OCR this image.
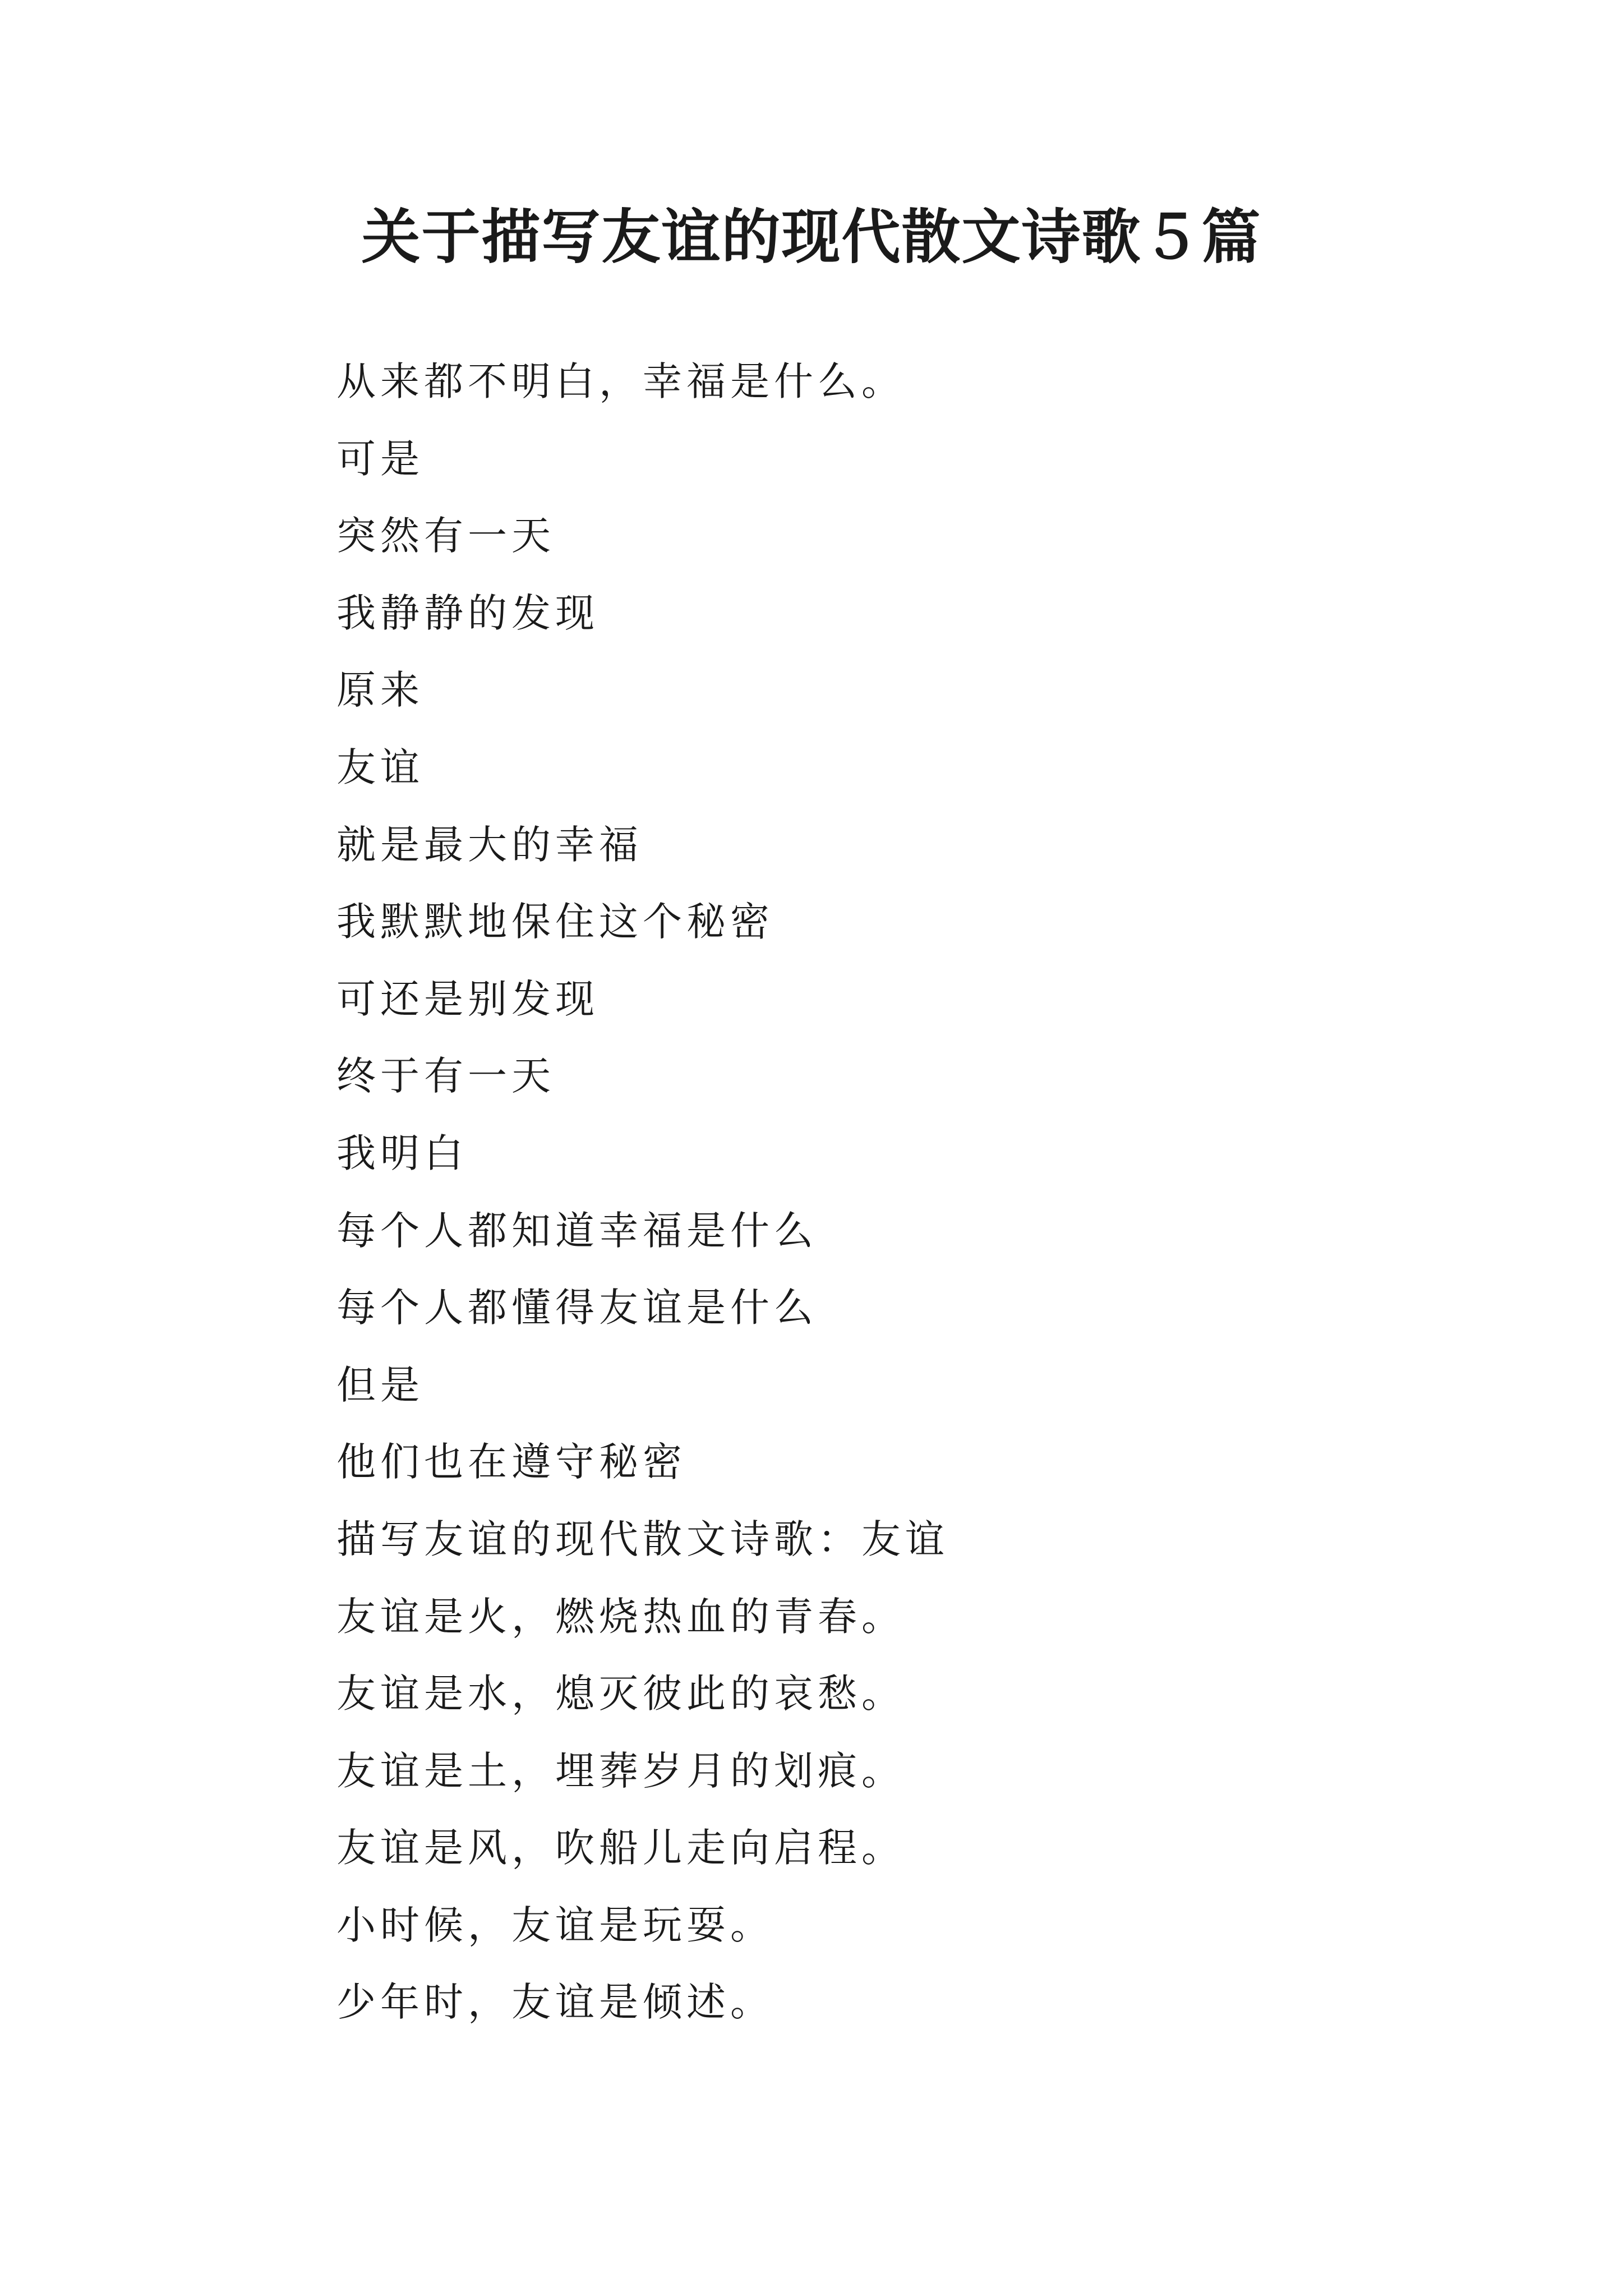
关于描写友谊的现代散文诗歌５篇
从来都不明白，幸福是什么。
可是
突然有一天
我静静的发现
原来
友谊
就是最大的幸福
我默默地保住这个秘密
可还是别发现
终于有一天
我明白
每个人都知道幸福是什么
每个人都懂得友谊是什么
但是
他们也在遵守秘密
描写友谊的现代散文诗歌：友谊
友谊是火，燃烧热血的青春。
友谊是水，熄灭彼此的哀愁。
友谊是土，埋葬岁月的划痕。
友谊是风，吹船儿走向启程。
小时候，友谊是玩耍。
少年时，友谊是倾述。
